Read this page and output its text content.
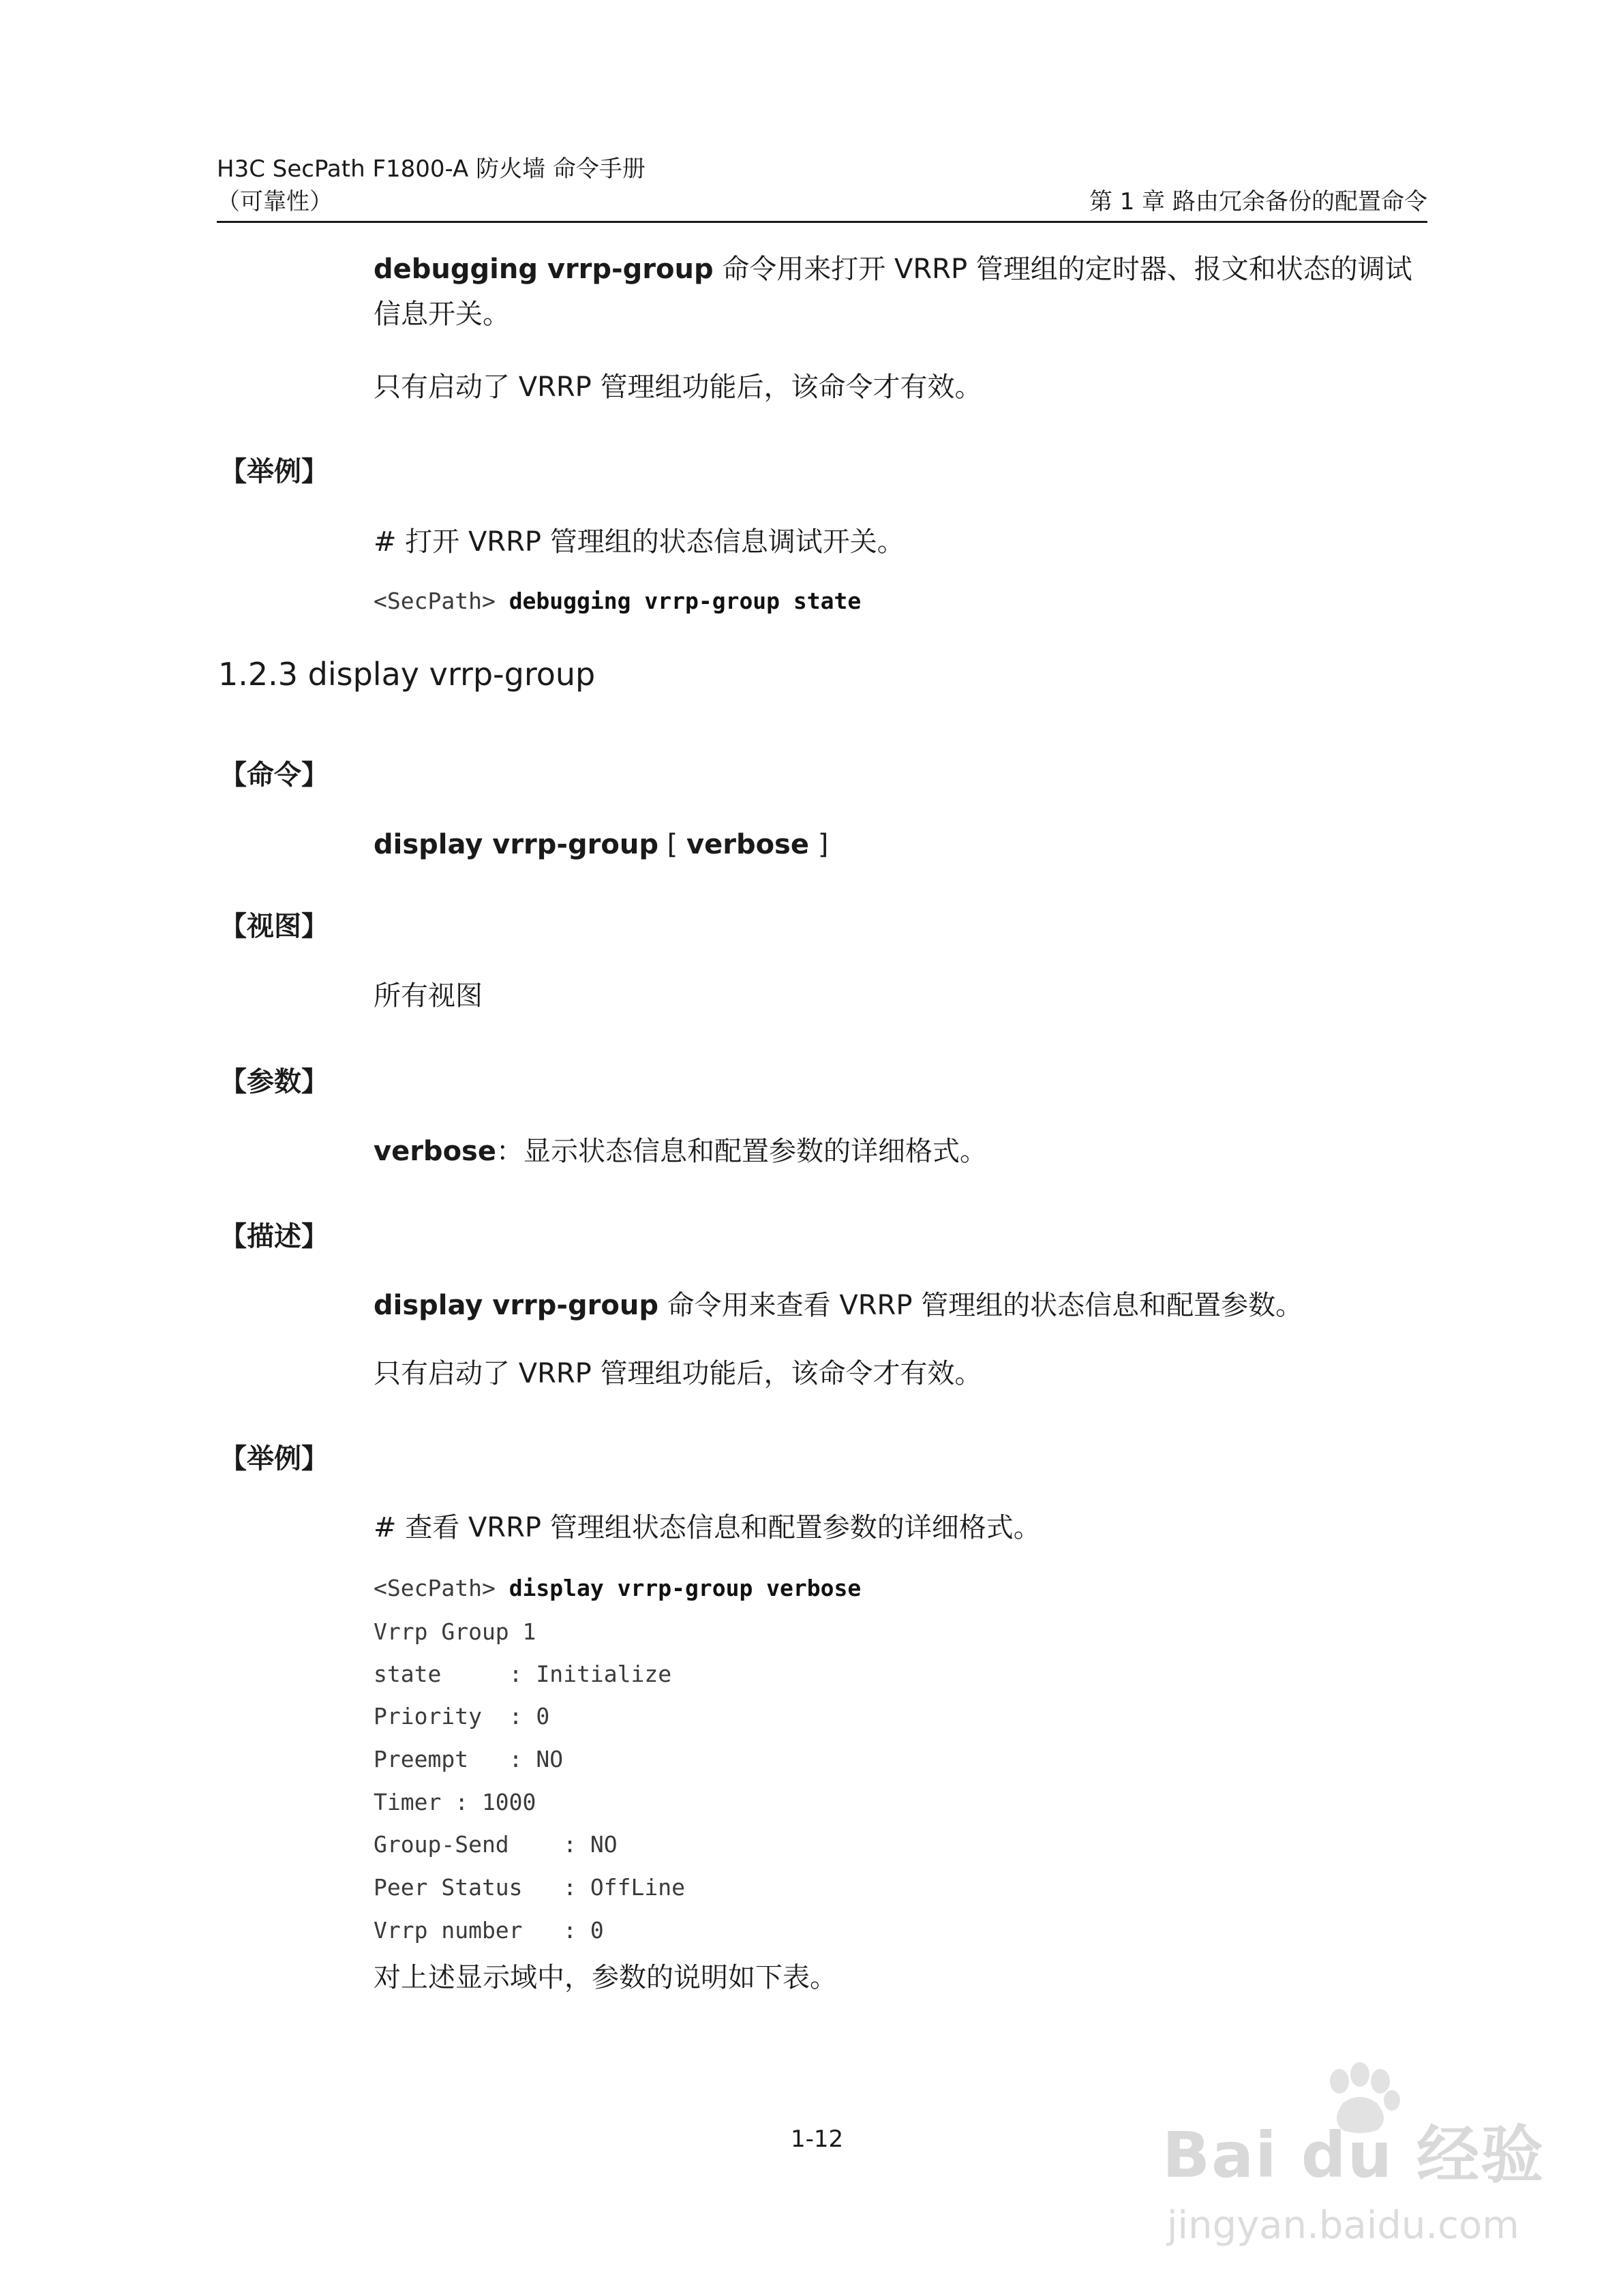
H3C SecPath F1800-A 防火墙 命令手册
（可靠性）	第 1 章 路由冗余备份的配置命令
debugging vrrp-group 命令用来打开 VRRP 管理组的定时器、报文和状态的调试信息开关。
只有启动了 VRRP 管理组功能后，该命令才有效。
【举例】
# 打开 VRRP 管理组的状态信息调试开关。
<SecPath> debugging vrrp-group state
1.2.3 display vrrp-group
【命令】
display vrrp-group [ verbose ]
【视图】
所有视图
【参数】
verbose：显示状态信息和配置参数的详细格式。
【描述】
display vrrp-group 命令用来查看 VRRP 管理组的状态信息和配置参数。
只有启动了 VRRP 管理组功能后，该命令才有效。
【举例】
# 查看 VRRP 管理组状态信息和配置参数的详细格式。
<SecPath> display vrrp-group verbose
Vrrp Group 1
state     : Initialize
Priority  : 0
Preempt   : NO
Timer : 1000
Group-Send    : NO
Peer Status   : OffLine
Vrrp number   : 0
对上述显示域中，参数的说明如下表。
1-12	Bai du 经验
jingyan.baidu.com
